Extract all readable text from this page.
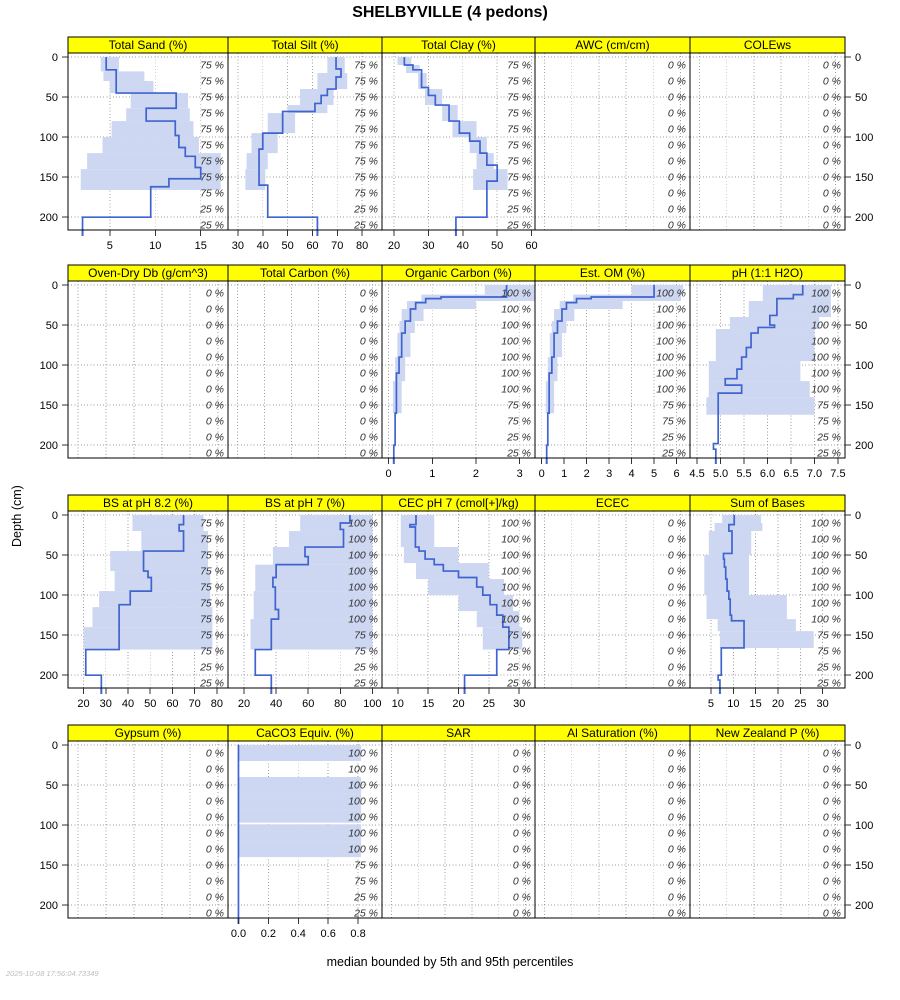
Total Sand (%)
75 %
75 %
75 %
75 %
75 %
75 %
75 %
75 %
75 %
25 %
25 %
5	10	15
Total Silt (%)
75 %
75 %
75 %
75 %
75 %
75 %
75 %
75 %
75 %
25 %
25 %
30 40 50 60 70 80
Total Clay (%)
75 %
75 %
75 %
75 %
75 %
75 %
75 %
75 %
75 %
25 %
25 %
20 30 40 50 60
AWC (cm/cm)
0 %
0 %
0 %
0 %
0 %
0 %
0 %
0 %
0 %
0 %
0 %
COLEws
0 %
0 %
0 %
0 %
0 %
0 %
0 %
0 %
0 %
0 %
0 %
0	0
50	50
100	100
150	150
200	200
Oven-Dry Db (g/cm^3)
0 %
0 %
0 %
0 %
0 %
0 %
0 %
0 %
0 %
0 %
0 %
Total Carbon (%)
0 %
0 %
0 %
0 %
0 %
0 %
0 %
0 %
0 %
0 %
0 %
Organic Carbon (%)
100 %
100 %
100 %
100 %
100 %
100 %
100 %
75 %
75 %
25 %
25 %
0	1	2	3
Est. OM (%)
100 %
100 %
100 %
100 %
100 %
100 %
100 %
75 %
75 %
25 %
25 %
0 1 2 3 4 5 6
pH (1:1 H2O)
100 %
100 %
100 %
100 %
100 %
100 %
100 %
75 %
75 %
25 %
25 %
4.5 5.0 5.5 6.0 6.5 7.0 7.5
0	0
50	50
100	100
150	150
200	200
BS at pH 8.2 (%)
75 %
75 %
75 %
75 %
75 %
75 %
75 %
75 %
75 %
25 %
25 %
20 30 40 50 60 70 80
BS at pH 7 (%)
100 %
100 %
100 %
100 %
100 %
100 %
100 %
75 %
75 %
25 %
25 %
20 40 60 80 100
CEC pH 7 (cmol[+]/kg)
100 %
100 %
100 %
100 %
100 %
100 %
100 %
75 %
75 %
25 %
25 %
10 15 20 25 30
ECEC
0 %
0 %
0 %
0 %
0 %
0 %
0 %
0 %
0 %
0 %
0 %
Sum of Bases
100 %
100 %
100 %
100 %
100 %
100 %
100 %
75 %
75 %
25 %
25 %
5 10 15 20 25 30
0	0
50	50
100	100
150	150
200	200
Gypsum (%)
0 %
0 %
0 %
0 %
0 %
0 %
0 %
0 %
0 %
0 %
0 %
CaCO3 Equiv. (%)
100 %
100 %
100 %
100 %
100 %
100 %
100 %
75 %
75 %
25 %
25 %
0.0 0.2 0.4 0.6 0.8
SAR
0 %
0 %
0 %
0 %
0 %
0 %
0 %
0 %
0 %
0 %
0 %
Al Saturation (%)
0 %
0 %
0 %
0 %
0 %
0 %
0 %
0 %
0 %
0 %
0 %
New Zealand P (%)
0 %
0 %
0 %
0 %
0 %
0 %
0 %
0 %
0 %
0 %
0 %
0	0
50	50
100	100
150	150
200	200
SHELBYVILLE (4 pedons)
Depth (cm)
median bounded by 5th and 95th percentiles
2025-10-08 17:56:04.73349
